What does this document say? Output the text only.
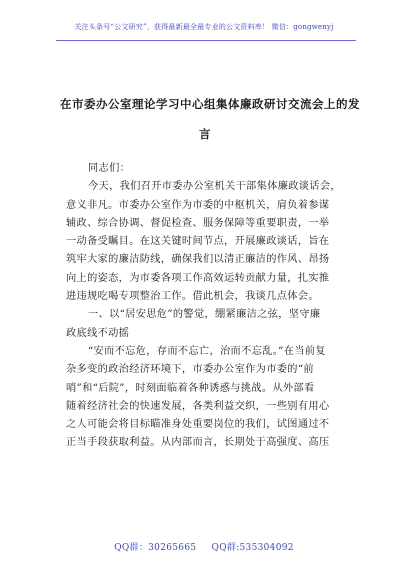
关注头条号“公文研究”，获得最新最全最专业的公文资料库！ 微信：gongwenyj
在市委办公室理论学习中心组集体廉政研讨交流会上的发
言
同志们：
今天，我们召开市委办公室机关干部集体廉政谈话会，
意义非凡。市委办公室作为市委的中枢机关，肩负着参谋
辅政、综合协调、督促检查、服务保障等重要职责，一举
一动备受瞩目。在这关键时间节点，开展廉政谈话，旨在
筑牢大家的廉洁防线，确保我们以清正廉洁的作风、昂扬
向上的姿态，为市委各项工作高效运转贡献力量，扎实推
进违规吃喝专项整治工作。借此机会，我谈几点体会。
一、以“居安思危”的警觉，绷紧廉洁之弦，坚守廉
政底线不动摇
“安而不忘危，存而不忘亡，治而不忘乱。”在当前复
杂多变的政治经济环境下，市委办公室作为市委的“前
哨”和“后院”，时刻面临着各种诱惑与挑战。从外部看
随着经济社会的快速发展，各类利益交织，一些别有用心
之人可能会将目标瞄准身处重要岗位的我们，试图通过不
正当手段获取利益。从内部而言，长期处于高强度、高压
QQ群：30265665 QQ群:535304092
